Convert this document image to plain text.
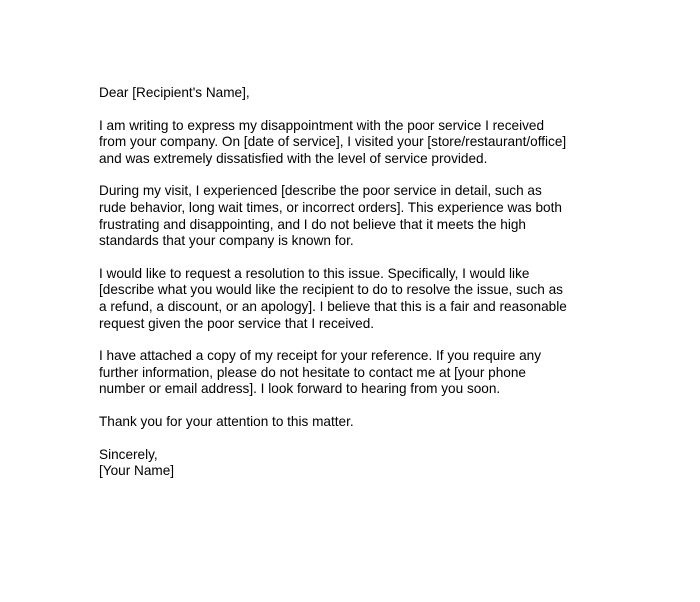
Dear [Recipient's Name],

I am writing to express my disappointment with the poor service I received
from your company. On [date of service], I visited your [store/restaurant/office]
and was extremely dissatisfied with the level of service provided.

During my visit, I experienced [describe the poor service in detail, such as
rude behavior, long wait times, or incorrect orders]. This experience was both
frustrating and disappointing, and I do not believe that it meets the high
standards that your company is known for.

I would like to request a resolution to this issue. Specifically, I would like
[describe what you would like the recipient to do to resolve the issue, such as
a refund, a discount, or an apology]. I believe that this is a fair and reasonable
request given the poor service that I received.

I have attached a copy of my receipt for your reference. If you require any
further information, please do not hesitate to contact me at [your phone
number or email address]. I look forward to hearing from you soon.

Thank you for your attention to this matter.

Sincerely,
[Your Name]
